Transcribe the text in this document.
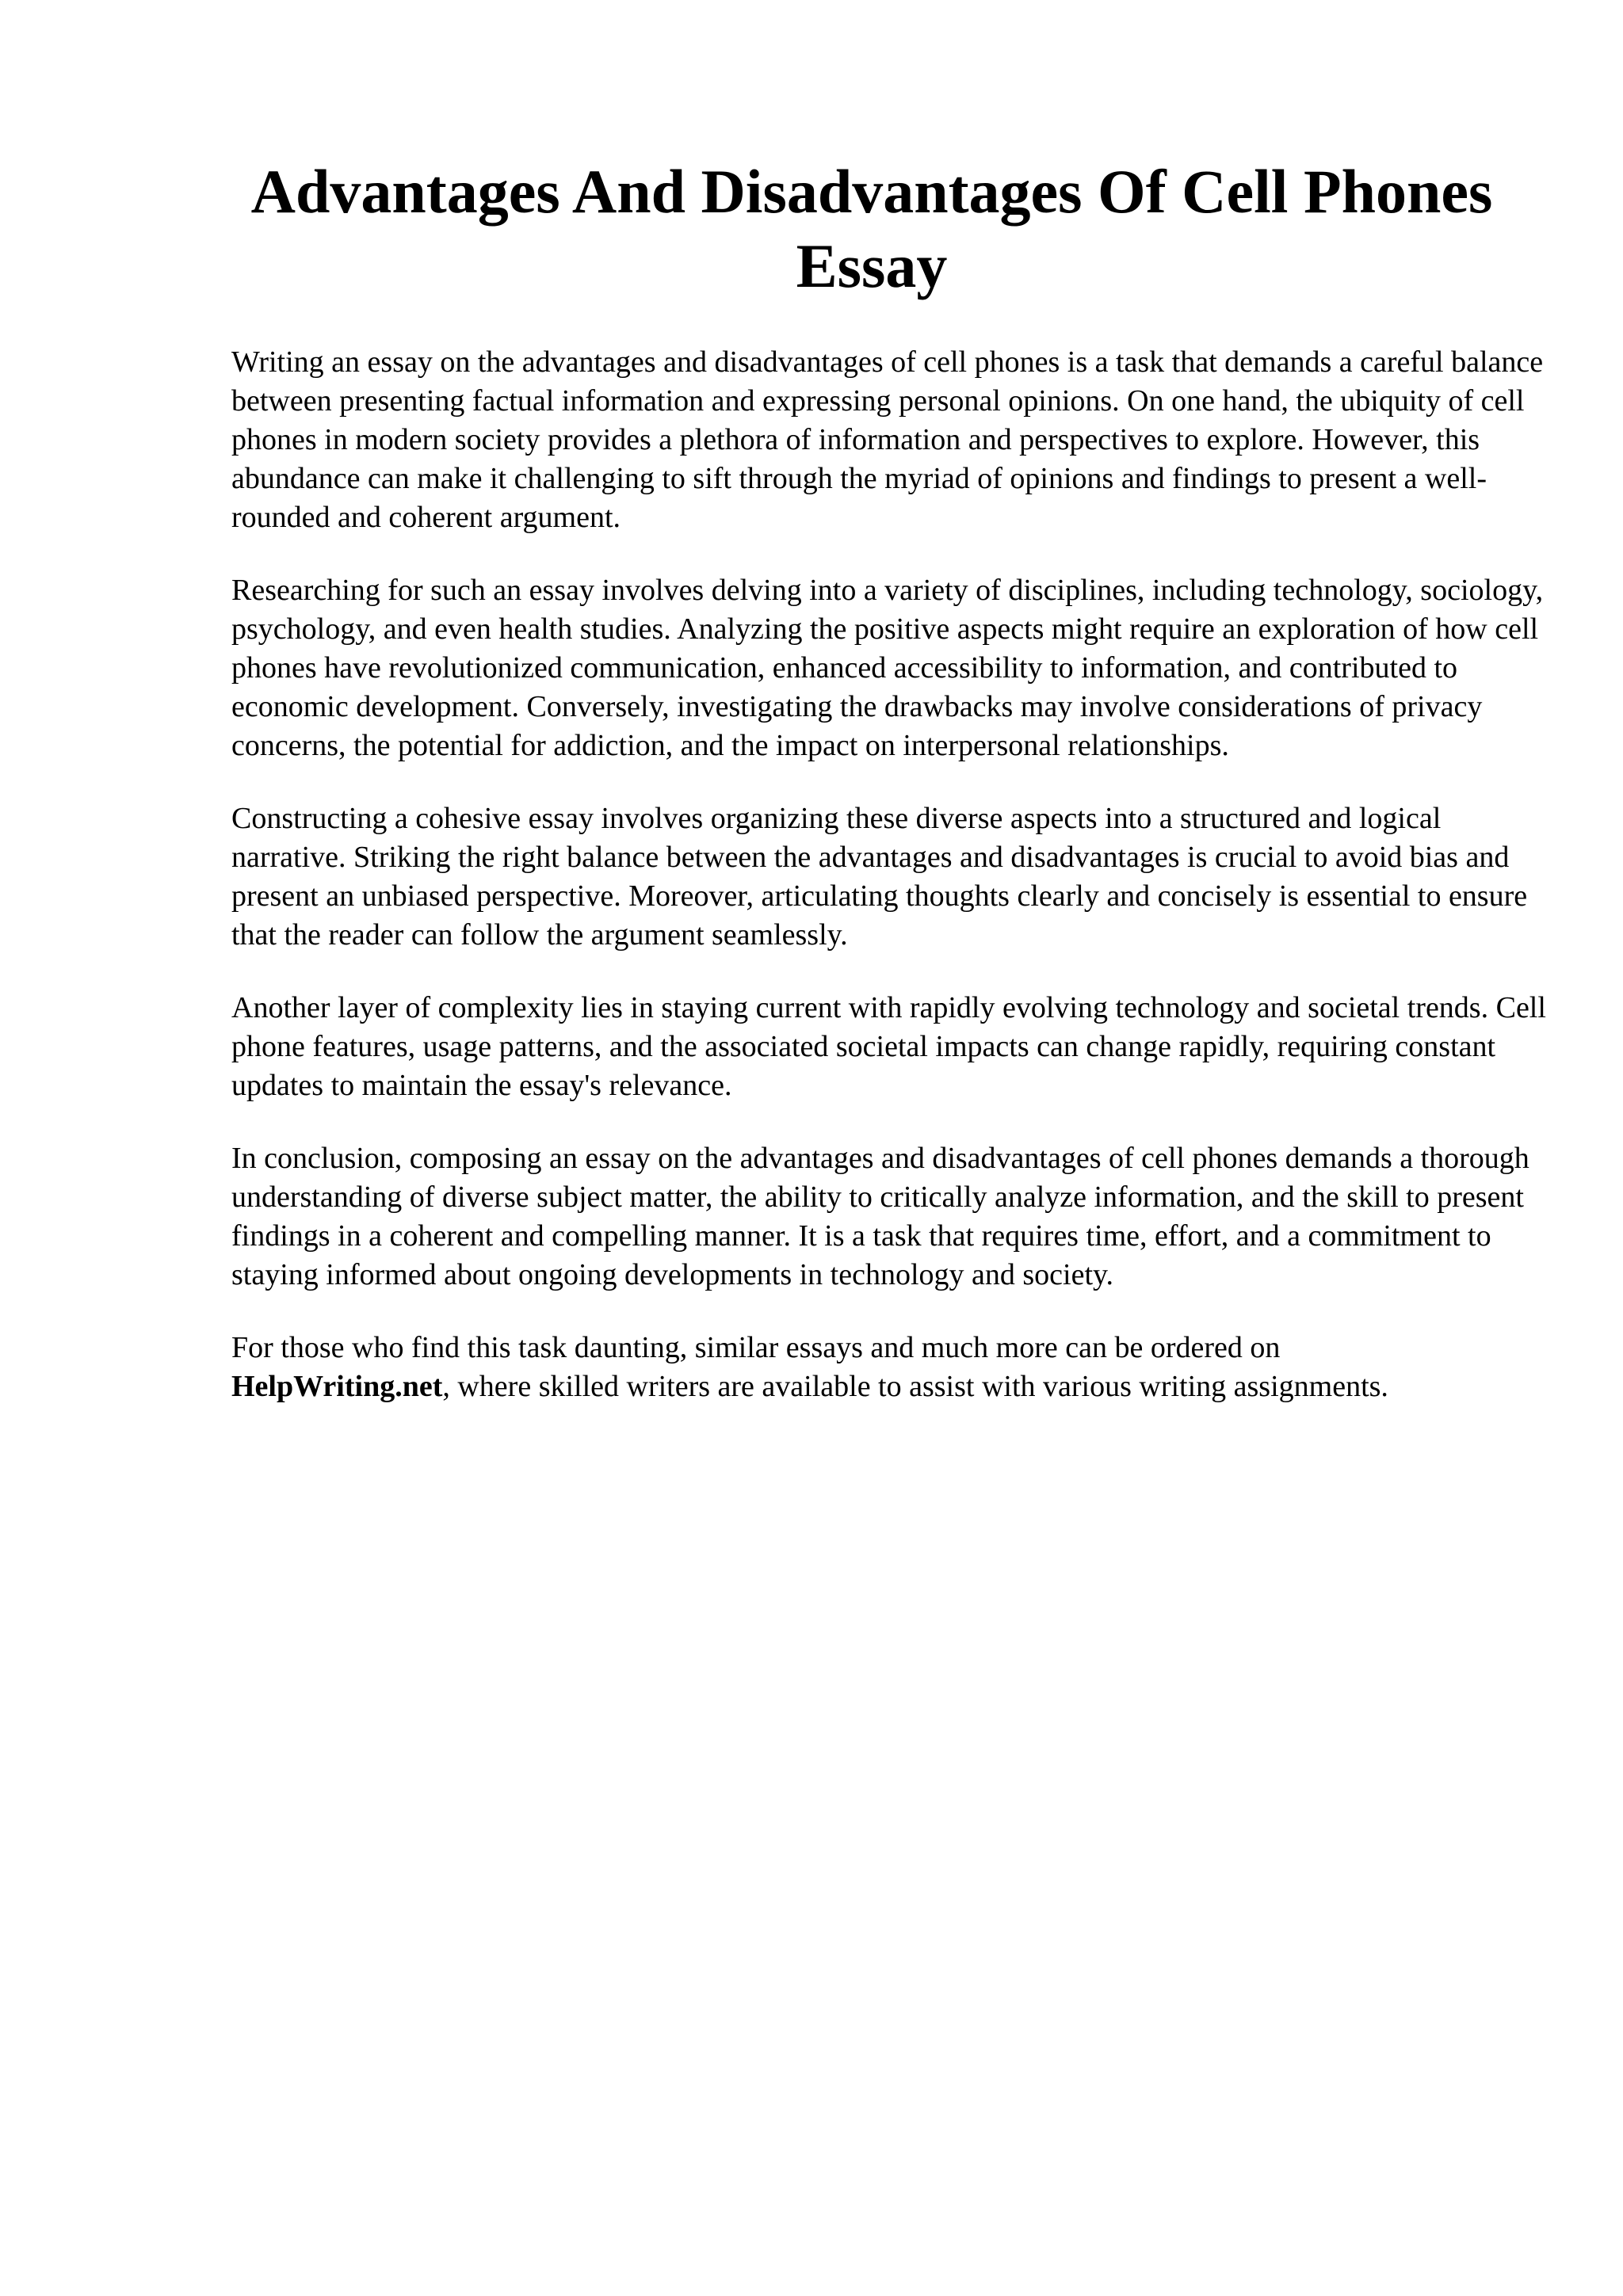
Advantages And Disadvantages Of Cell Phones Essay

Writing an essay on the advantages and disadvantages of cell phones is a task that demands a careful balance between presenting factual information and expressing personal opinions. On one hand, the ubiquity of cell phones in modern society provides a plethora of information and perspectives to explore. However, this abundance can make it challenging to sift through the myriad of opinions and findings to present a well-rounded and coherent argument.

Researching for such an essay involves delving into a variety of disciplines, including technology, sociology, psychology, and even health studies. Analyzing the positive aspects might require an exploration of how cell phones have revolutionized communication, enhanced accessibility to information, and contributed to economic development. Conversely, investigating the drawbacks may involve considerations of privacy concerns, the potential for addiction, and the impact on interpersonal relationships.

Constructing a cohesive essay involves organizing these diverse aspects into a structured and logical narrative. Striking the right balance between the advantages and disadvantages is crucial to avoid bias and present an unbiased perspective. Moreover, articulating thoughts clearly and concisely is essential to ensure that the reader can follow the argument seamlessly.

Another layer of complexity lies in staying current with rapidly evolving technology and societal trends. Cell phone features, usage patterns, and the associated societal impacts can change rapidly, requiring constant updates to maintain the essay's relevance.

In conclusion, composing an essay on the advantages and disadvantages of cell phones demands a thorough understanding of diverse subject matter, the ability to critically analyze information, and the skill to present findings in a coherent and compelling manner. It is a task that requires time, effort, and a commitment to staying informed about ongoing developments in technology and society.

For those who find this task daunting, similar essays and much more can be ordered on
HelpWriting.net, where skilled writers are available to assist with various writing assignments.
